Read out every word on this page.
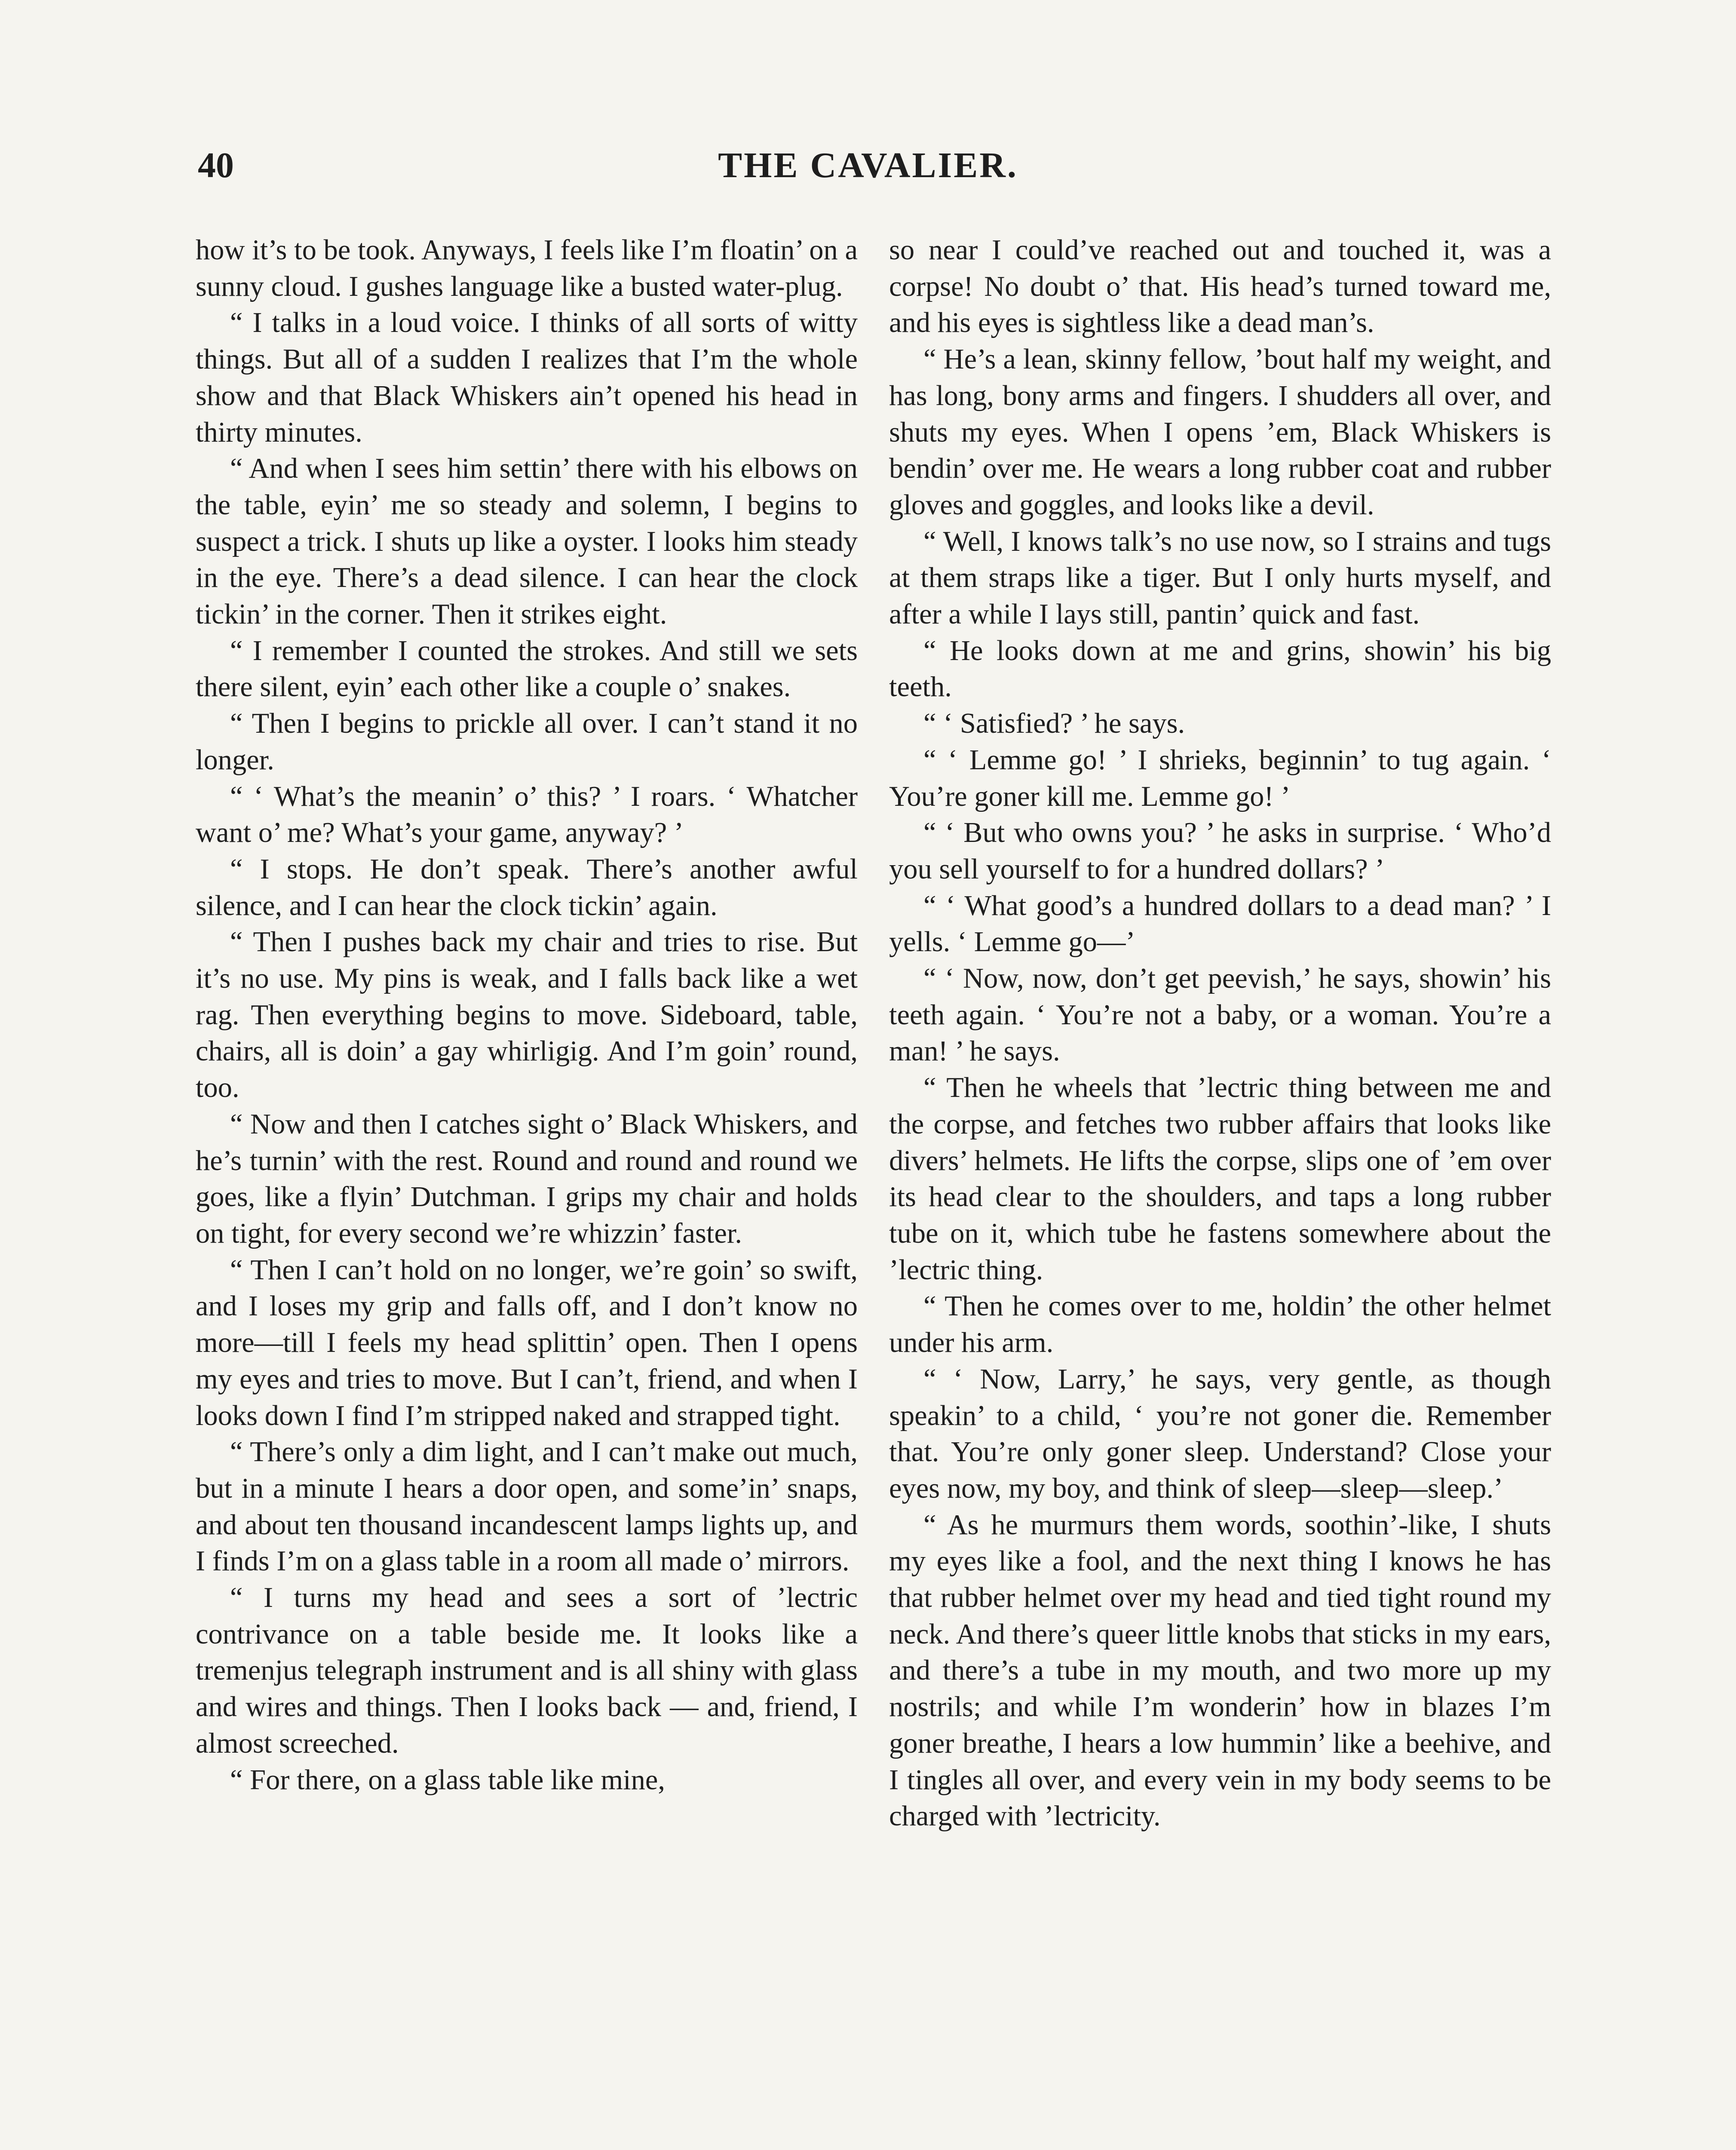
40	THE CAVALIER.

how it’s to be took. Anyways, I feels like I’m floatin’ on a sunny cloud. I gushes language like a busted water-plug.

“ I talks in a loud voice. I thinks of all sorts of witty things. But all of a sudden I realizes that I’m the whole show and that Black Whiskers ain’t opened his head in thirty minutes.

“ And when I sees him settin’ there with his elbows on the table, eyin’ me so steady and solemn, I begins to suspect a trick. I shuts up like a oyster. I looks him steady in the eye. There’s a dead silence. I can hear the clock tickin’ in the corner. Then it strikes eight.

“ I remember I counted the strokes. And still we sets there silent, eyin’ each other like a couple o’ snakes.

“ Then I begins to prickle all over. I can’t stand it no longer.

“ ‘ What’s the meanin’ o’ this? ’ I roars. ‘ Whatcher want o’ me? What’s your game, anyway? ’

“ I stops. He don’t speak. There’s another awful silence, and I can hear the clock tickin’ again.

“ Then I pushes back my chair and tries to rise. But it’s no use. My pins is weak, and I falls back like a wet rag. Then everything begins to move. Sideboard, table, chairs, all is doin’ a gay whirligig. And I’m goin’ round, too.

“ Now and then I catches sight o’ Black Whiskers, and he’s turnin’ with the rest. Round and round and round we goes, like a flyin’ Dutchman. I grips my chair and holds on tight, for every second we’re whizzin’ faster.

“ Then I can’t hold on no longer, we’re goin’ so swift, and I loses my grip and falls off, and I don’t know no more—till I feels my head splittin’ open. Then I opens my eyes and tries to move. But I can’t, friend, and when I looks down I find I’m stripped naked and strapped tight.

“ There’s only a dim light, and I can’t make out much, but in a minute I hears a door open, and some’in’ snaps, and about ten thousand incandescent lamps lights up, and I finds I’m on a glass table in a room all made o’ mirrors.

“ I turns my head and sees a sort of ’lectric contrivance on a table beside me. It looks like a tremenjus telegraph instrument and is all shiny with glass and wires and things. Then I looks back — and, friend, I almost screeched.

“ For there, on a glass table like mine,

so near I could’ve reached out and touched it, was a corpse! No doubt o’ that. His head’s turned toward me, and his eyes is sightless like a dead man’s.

“ He’s a lean, skinny fellow, ’bout half my weight, and has long, bony arms and fingers. I shudders all over, and shuts my eyes. When I opens ’em, Black Whiskers is bendin’ over me. He wears a long rubber coat and rubber gloves and goggles, and looks like a devil.

“ Well, I knows talk’s no use now, so I strains and tugs at them straps like a tiger. But I only hurts myself, and after a while I lays still, pantin’ quick and fast.

“ He looks down at me and grins, showin’ his big teeth.

“ ‘ Satisfied? ’ he says.

“ ‘ Lemme go! ’ I shrieks, beginnin’ to tug again. ‘ You’re goner kill me. Lemme go! ’

“ ‘ But who owns you? ’ he asks in surprise. ‘ Who’d you sell yourself to for a hundred dollars? ’

“ ‘ What good’s a hundred dollars to a dead man? ’ I yells. ‘ Lemme go—’

“ ‘ Now, now, don’t get peevish,’ he says, showin’ his teeth again. ‘ You’re not a baby, or a woman. You’re a man! ’ he says.

“ Then he wheels that ’lectric thing between me and the corpse, and fetches two rubber affairs that looks like divers’ helmets. He lifts the corpse, slips one of ’em over its head clear to the shoulders, and taps a long rubber tube on it, which tube he fastens somewhere about the ’lectric thing.

“ Then he comes over to me, holdin’ the other helmet under his arm.

“ ‘ Now, Larry,’ he says, very gentle, as though speakin’ to a child, ‘ you’re not goner die. Remember that. You’re only goner sleep. Understand? Close your eyes now, my boy, and think of sleep—sleep—sleep.’

“ As he murmurs them words, soothin’-like, I shuts my eyes like a fool, and the next thing I knows he has that rubber helmet over my head and tied tight round my neck. And there’s queer little knobs that sticks in my ears, and there’s a tube in my mouth, and two more up my nostrils; and while I’m wonderin’ how in blazes I’m goner breathe, I hears a low hummin’ like a beehive, and I tingles all over, and every vein in my body seems to be charged with ’lectricity.
